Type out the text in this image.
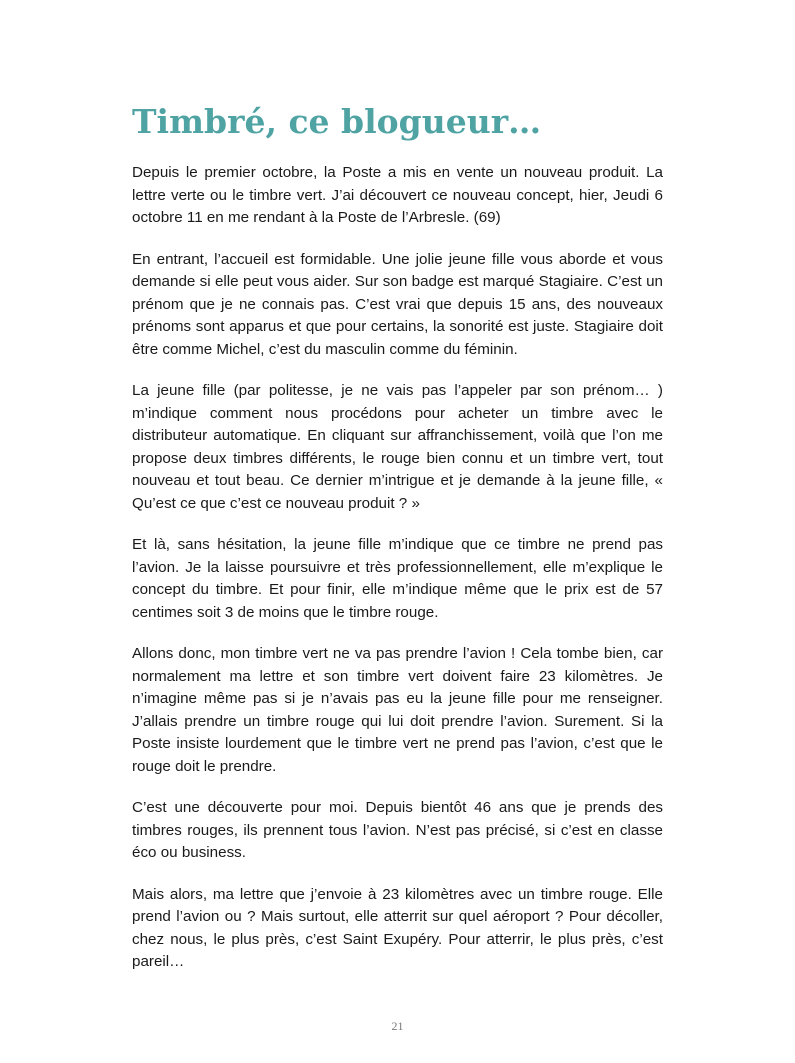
Timbré, ce blogueur…

Depuis le premier octobre, la Poste a mis en vente un nouveau produit. La lettre verte ou le timbre vert. J’ai découvert ce nouveau concept, hier, Jeudi 6 octobre 11 en me rendant à la Poste de l’Arbresle. (69)

En entrant, l’accueil est formidable. Une jolie jeune fille vous aborde et vous demande si elle peut vous aider. Sur son badge est marqué Stagiaire. C’est un prénom que je ne connais pas. C’est vrai que depuis 15 ans, des nouveaux prénoms sont apparus et que pour certains, la sonorité est juste. Stagiaire doit être comme Michel, c’est du masculin comme du féminin.

La jeune fille (par politesse, je ne vais pas l’appeler par son prénom… ) m’indique comment nous procédons pour acheter un timbre avec le distributeur automatique. En cliquant sur affranchissement, voilà que l’on me propose deux timbres différents, le rouge bien connu et un timbre vert, tout nouveau et tout beau. Ce dernier m’intrigue et je demande à la jeune fille, « Qu’est ce que c’est ce nouveau produit ? »

Et là, sans hésitation, la jeune fille m’indique que ce timbre ne prend pas l’avion. Je la laisse poursuivre et très professionnellement, elle m’explique le concept du timbre. Et pour finir, elle m’indique même que le prix est de 57 centimes soit 3 de moins que le timbre rouge.

Allons donc, mon timbre vert ne va pas prendre l’avion ! Cela tombe bien, car normalement ma lettre et son timbre vert doivent faire 23 kilomètres. Je n’imagine même pas si je n’avais pas eu la jeune fille pour me renseigner. J’allais prendre un timbre rouge qui lui doit prendre l’avion. Surement. Si la Poste insiste lourdement que le timbre vert ne prend pas l’avion, c’est que le rouge doit le prendre.

C’est une découverte pour moi. Depuis bientôt 46 ans que je prends des timbres rouges, ils prennent tous l’avion. N’est pas précisé, si c’est en classe éco ou business.

Mais alors, ma lettre que j’envoie à 23 kilomètres avec un timbre rouge. Elle prend l’avion ou ? Mais surtout, elle atterrit sur quel aéroport ? Pour décoller, chez nous, le plus près, c’est Saint Exupéry. Pour atterrir, le plus près, c’est pareil…

21
